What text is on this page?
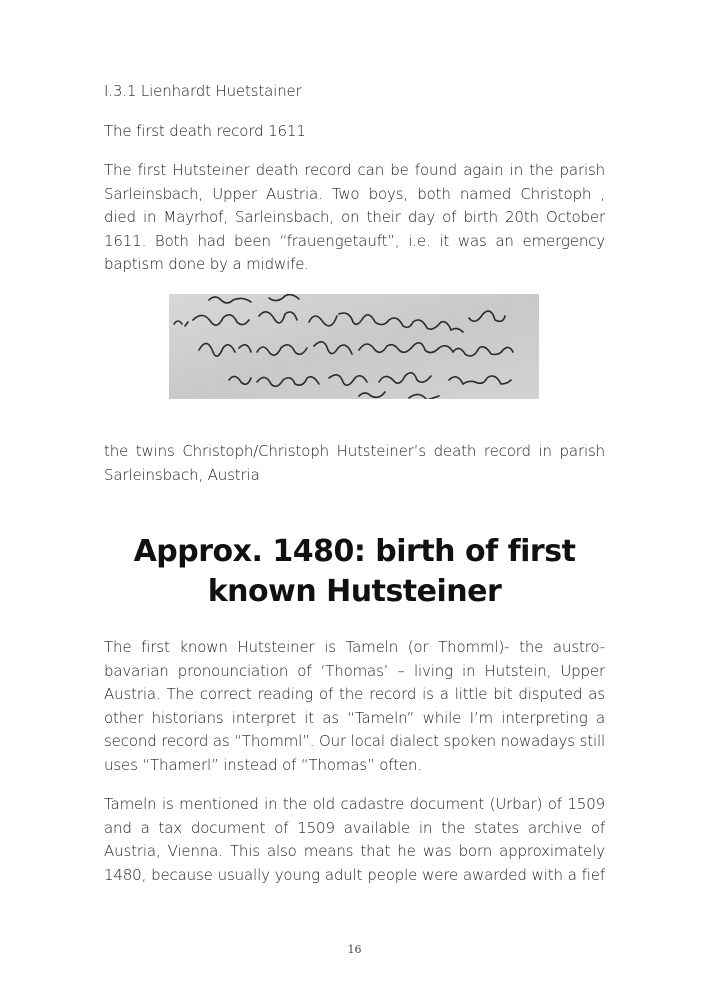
I.3.1 Lienhardt Huetstainer

The first death record 1611

The first Hutsteiner death record can be found again in the parish Sarleinsbach, Upper Austria. Two boys, both named Christoph , died in Mayrhof, Sarleinsbach, on their day of birth 20th October 1611. Both had been “frauengetauft”, i.e. it was an emergency baptism done by a midwife.

the twins Christoph/Christoph Hutsteiner’s death record in parish Sarleinsbach, Austria

Approx. 1480: birth of first known Hutsteiner

The first known Hutsteiner is Tameln (or Thomml)- the austro-bavarian pronounciation of ‘Thomas’ – living in Hutstein, Upper Austria. The correct reading of the record is a little bit disputed as other historians interpret it as “Tameln” while I’m interpreting a second record as “Thomml”. Our local dialect spoken nowadays still uses “Thamerl” instead of “Thomas” often.

Tameln is mentioned in the old cadastre document (Urbar) of 1509 and a tax document of 1509 available in the states archive of Austria, Vienna. This also means that he was born approximately 1480, because usually young adult people were awarded with a fief

16
